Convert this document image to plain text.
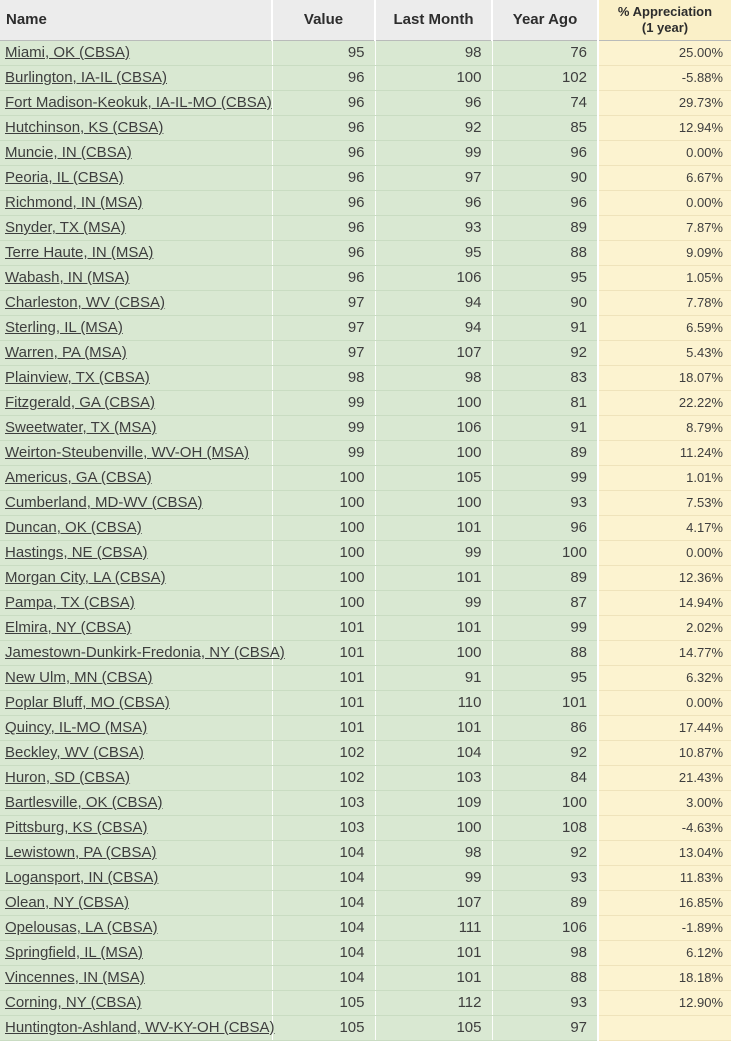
Name	Value	Last Month	Year Ago	% Appreciation
(1 year)
Miami, OK (CBSA)	95	98	76	25.00%
Burlington, IA-IL (CBSA)	96	100	102	-5.88%
Fort Madison-Keokuk, IA-IL-MO (CBSA)	96	96	74	29.73%
Hutchinson, KS (CBSA)	96	92	85	12.94%
Muncie, IN (CBSA)	96	99	96	0.00%
Peoria, IL (CBSA)	96	97	90	6.67%
Richmond, IN (MSA)	96	96	96	0.00%
Snyder, TX (MSA)	96	93	89	7.87%
Terre Haute, IN (MSA)	96	95	88	9.09%
Wabash, IN (MSA)	96	106	95	1.05%
Charleston, WV (CBSA)	97	94	90	7.78%
Sterling, IL (MSA)	97	94	91	6.59%
Warren, PA (MSA)	97	107	92	5.43%
Plainview, TX (CBSA)	98	98	83	18.07%
Fitzgerald, GA (CBSA)	99	100	81	22.22%
Sweetwater, TX (MSA)	99	106	91	8.79%
Weirton-Steubenville, WV-OH (MSA)	99	100	89	11.24%
Americus, GA (CBSA)	100	105	99	1.01%
Cumberland, MD-WV (CBSA)	100	100	93	7.53%
Duncan, OK (CBSA)	100	101	96	4.17%
Hastings, NE (CBSA)	100	99	100	0.00%
Morgan City, LA (CBSA)	100	101	89	12.36%
Pampa, TX (CBSA)	100	99	87	14.94%
Elmira, NY (CBSA)	101	101	99	2.02%
Jamestown-Dunkirk-Fredonia, NY (CBSA)	101	100	88	14.77%
New Ulm, MN (CBSA)	101	91	95	6.32%
Poplar Bluff, MO (CBSA)	101	110	101	0.00%
Quincy, IL-MO (MSA)	101	101	86	17.44%
Beckley, WV (CBSA)	102	104	92	10.87%
Huron, SD (CBSA)	102	103	84	21.43%
Bartlesville, OK (CBSA)	103	109	100	3.00%
Pittsburg, KS (CBSA)	103	100	108	-4.63%
Lewistown, PA (CBSA)	104	98	92	13.04%
Logansport, IN (CBSA)	104	99	93	11.83%
Olean, NY (CBSA)	104	107	89	16.85%
Opelousas, LA (CBSA)	104	111	106	-1.89%
Springfield, IL (MSA)	104	101	98	6.12%
Vincennes, IN (MSA)	104	101	88	18.18%
Corning, NY (CBSA)	105	112	93	12.90%
Huntington-Ashland, WV-KY-OH (CBSA)	105	105	97	
